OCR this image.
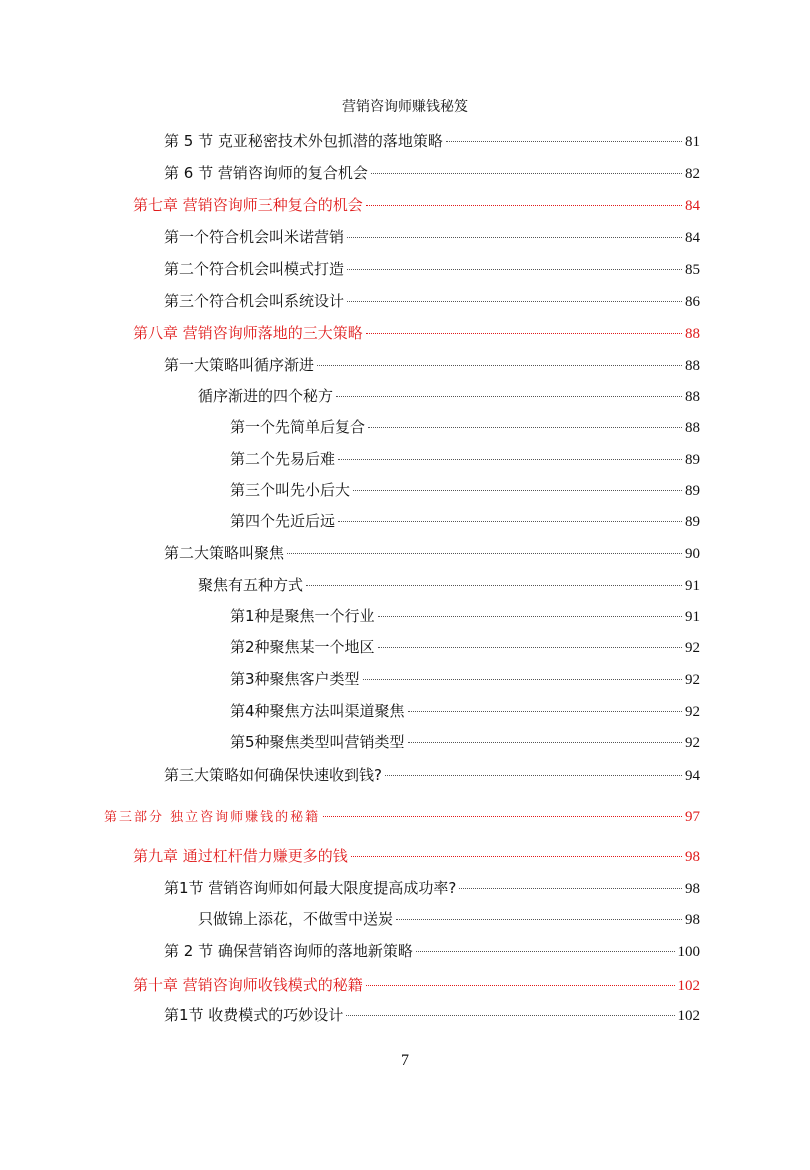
营销咨询师赚钱秘笈
第 5 节 克亚秘密技术外包抓潜的落地策略	81
第 6 节 营销咨询师的复合机会	82
第七章 营销咨询师三种复合的机会	84
第一个符合机会叫米诺营销	84
第二个符合机会叫模式打造	85
第三个符合机会叫系统设计	86
第八章 营销咨询师落地的三大策略	88
第一大策略叫循序渐进	88
循序渐进的四个秘方	88
第一个先简单后复合	88
第二个先易后难	89
第三个叫先小后大	89
第四个先近后远	89
第二大策略叫聚焦	90
聚焦有五种方式	91
第1种是聚焦一个行业	91
第2种聚焦某一个地区	92
第3种聚焦客户类型	92
第4种聚焦方法叫渠道聚焦	92
第5种聚焦类型叫营销类型	92
第三大策略如何确保快速收到钱?	94
第三部分 独立咨询师赚钱的秘籍	97
第九章 通过杠杆借力赚更多的钱	98
第1节 营销咨询师如何最大限度提高成功率?	98
只做锦上添花，不做雪中送炭	98
第 2 节 确保营销咨询师的落地新策略	100
第十章 营销咨询师收钱模式的秘籍	102
第1节 收费模式的巧妙设计	102
7
